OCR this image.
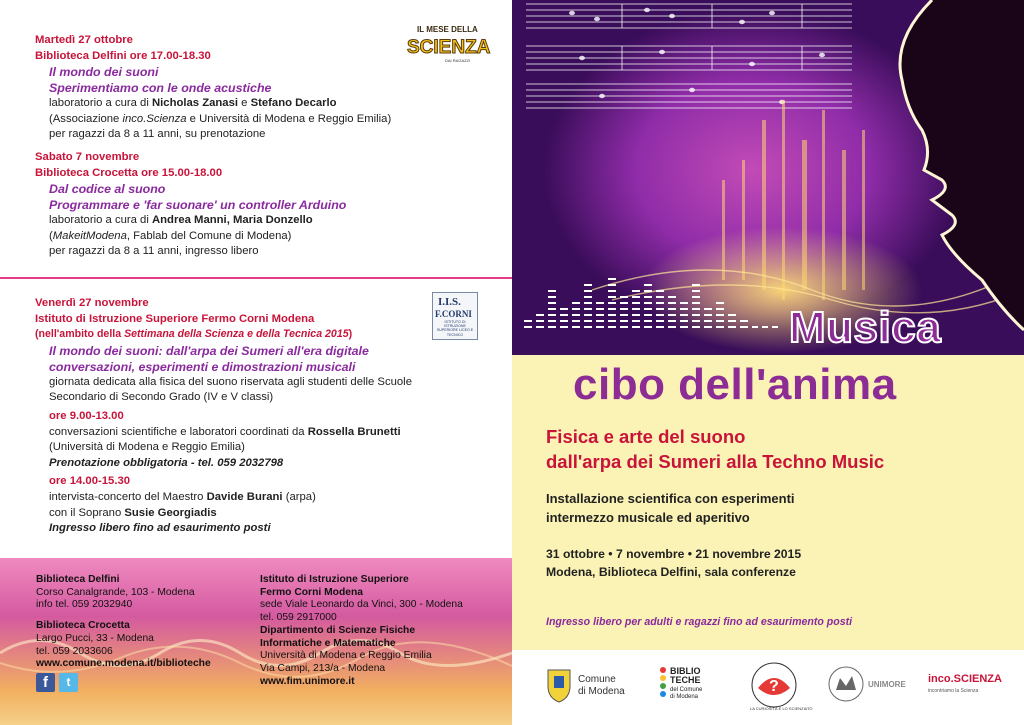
Martedì 27 ottobre
Biblioteca Delfini ore 17.00-18.30
Il mondo dei suoni
Sperimentiamo con le onde acustiche
laboratorio a cura di Nicholas Zanasi e Stefano Decarlo
(Associazione inco.Scienza e Università di Modena e Reggio Emilia)
per ragazzi da 8 a 11 anni, su prenotazione
IL MESE DELLA
SCIENZA
DAI RAGAZZI
Sabato 7 novembre
Biblioteca Crocetta ore 15.00-18.00
Dal codice al suono
Programmare e 'far suonare' un controller Arduino
laboratorio a cura di Andrea Manni, Maria Donzello
(MakeitModena, Fablab del Comune di Modena)
per ragazzi da 8 a 11 anni, ingresso libero
Venerdì 27 novembre
Istituto di Istruzione Superiore Fermo Corni Modena
(nell'ambito della Settimana della Scienza e della Tecnica 2015)
Il mondo dei suoni: dall'arpa dei Sumeri all'era digitale
conversazioni, esperimenti e dimostrazioni musicali
giornata dedicata alla fisica del suono riservata agli studenti delle Scuole
Secondario di Secondo Grado (IV e V classi)
ore 9.00-13.00
conversazioni scientifiche e laboratori coordinati da Rossella Brunetti
(Università di Modena e Reggio Emilia)
Prenotazione obbligatoria - tel. 059 2032798
ore 14.00-15.30
intervista-concerto del Maestro Davide Burani (arpa)
con il Soprano Susie Georgiadis
Ingresso libero fino ad esaurimento posti
I.I.S.
F.CORNI
ISTITUTO DI ISTRUZIONE SUPERIORE LICEO E TECNICO
Biblioteca Delfini
Corso Canalgrande, 103 - Modena
info tel. 059 2032940
Biblioteca Crocetta
Largo Pucci, 33 - Modena
tel. 059 2033606
www.comune.modena.it/biblioteche
Istituto di Istruzione Superiore
Fermo Corni Modena
sede Viale Leonardo da Vinci, 300 - Modena
tel. 059 2917000
Dipartimento di Scienze Fisiche
Informatiche e Matematiche
Università di Modena e Reggio Emilia
Via Campi, 213/a - Modena
www.fim.unimore.it
f	t
Musica
cibo dell'anima
Fisica e arte del suono
dall'arpa dei Sumeri alla Techno Music
Installazione scientifica con esperimenti
intermezzo musicale ed aperitivo
31 ottobre • 7 novembre • 21 novembre 2015
Modena, Biblioteca Delfini, sala conferenze
Ingresso libero per adulti e ragazzi fino ad esaurimento posti
Comune
di Modena
BIBLIO
TECHE
del Comune
di Modena
?
LA CURIOSITÀ E LO SCIENZIATO
UNIMORE inco.SCIENZA
incontriamo la Scienza
